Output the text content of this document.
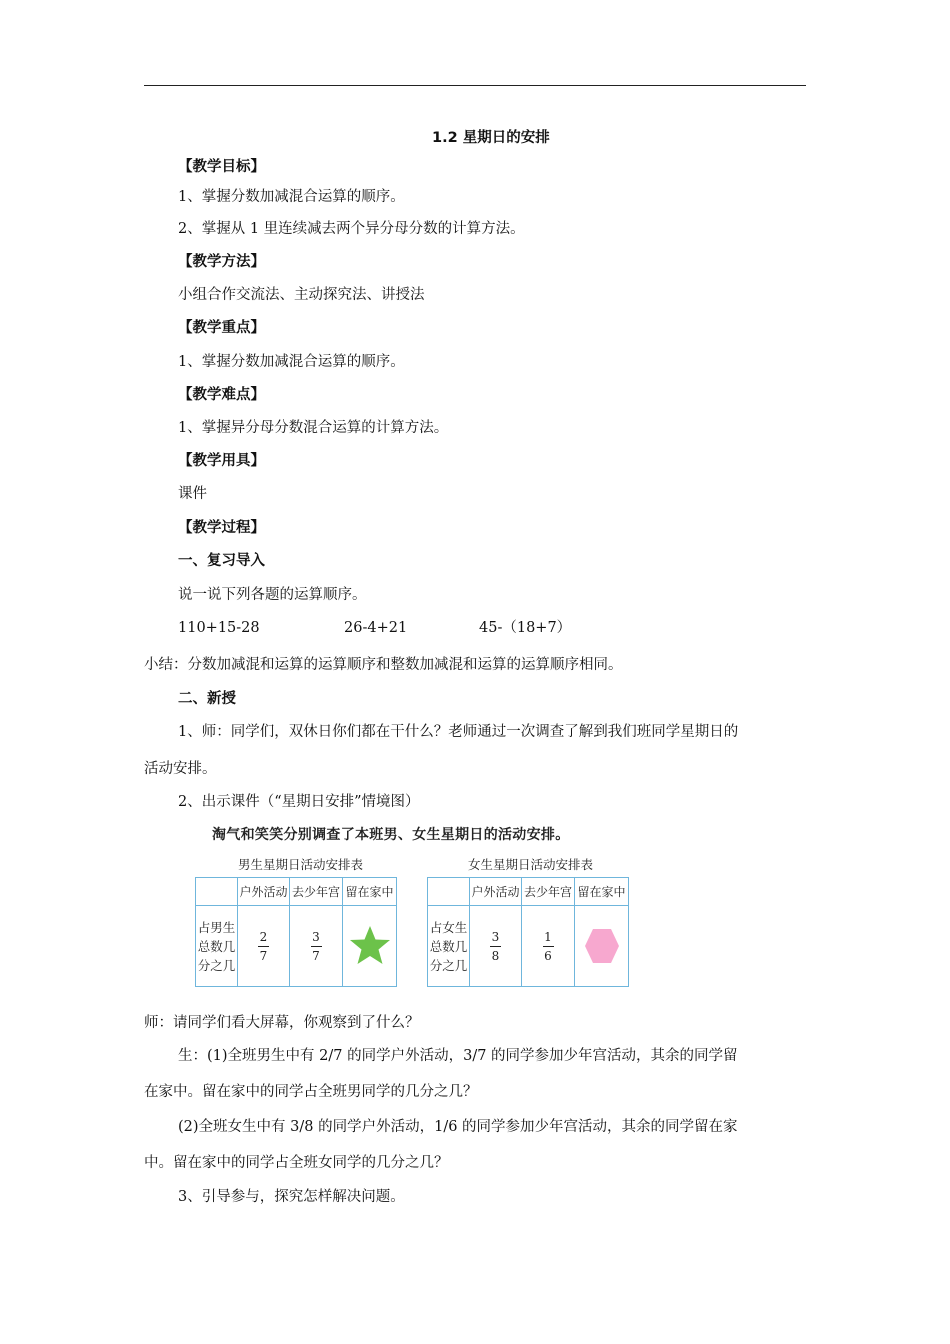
1.2 星期日的安排
【教学目标】
1、掌握分数加减混合运算的顺序。
2、掌握从 1 里连续减去两个异分母分数的计算方法。
【教学方法】
小组合作交流法、主动探究法、讲授法
【教学重点】
1、掌握分数加减混合运算的顺序。
【教学难点】
1、掌握异分母分数混合运算的计算方法。
【教学用具】
课件
【教学过程】
一、复习导入
说一说下列各题的运算顺序。
110+15-28	26-4+21	45-（18+7）
小结：分数加减混和运算的运算顺序和整数加减混和运算的运算顺序相同。
二、新授
1、师：同学们，双休日你们都在干什么？老师通过一次调查了解到我们班同学星期日的
活动安排。
2、出示课件（“星期日安排”情境图）
淘气和笑笑分别调查了本班男、女生星期日的活动安排。
男生星期日活动安排表
户外活动 去少年宫 留在家中
占男生
总数几
分之几
$\frac{2}{7}$	$\frac{3}{7}$
女生星期日活动安排表
户外活动 去少年宫 留在家中
占女生
总数几
分之几
$\frac{3}{8}$	$\frac{1}{6}$
师：请同学们看大屏幕，你观察到了什么？
生：(1)全班男生中有 2/7 的同学户外活动，3/7 的同学参加少年宫活动，其余的同学留
在家中。留在家中的同学占全班男同学的几分之几？
(2)全班女生中有 3/8 的同学户外活动，1/6 的同学参加少年宫活动，其余的同学留在家
中。留在家中的同学占全班女同学的几分之几？
3、引导参与，探究怎样解决问题。
